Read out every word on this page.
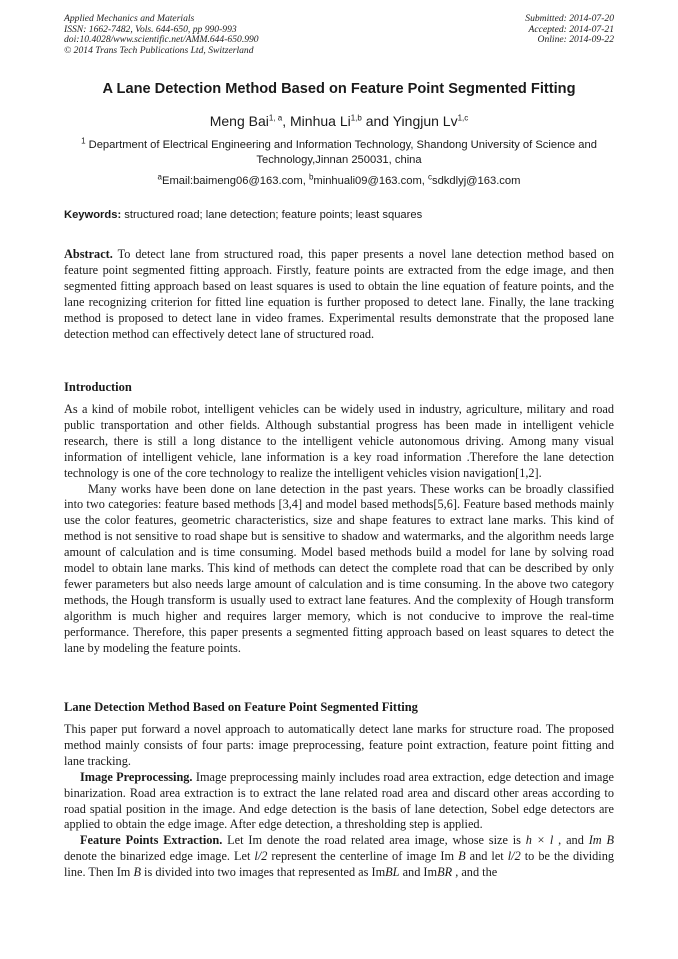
Applied Mechanics and Materials
ISSN: 1662-7482, Vols. 644-650, pp 990-993
doi:10.4028/www.scientific.net/AMM.644-650.990
© 2014 Trans Tech Publications Ltd, Switzerland
Submitted: 2014-07-20
Accepted: 2014-07-21
Online: 2014-09-22
A Lane Detection Method Based on Feature Point Segmented Fitting
Meng Bai$^{1, a}$, Minhua Li$^{1,b}$ and Yingjun Lv$^{1,c}$
$^1$ Department of Electrical Engineering and Information Technology, Shandong University of Science and Technology,Jinnan 250031, china
$^a$Email:baimeng06@163.com, $^b$minhuali09@163.com, $^c$sdkdlyj@163.com
Keywords: structured road; lane detection; feature points; least squares
Abstract. To detect lane from structured road, this paper presents a novel lane detection method based on feature point segmented fitting approach. Firstly, feature points are extracted from the edge image, and then segmented fitting approach based on least squares is used to obtain the line equation of feature points, and the lane recognizing criterion for fitted line equation is further proposed to detect lane. Finally, the lane tracking method is proposed to detect lane in video frames. Experimental results demonstrate that the proposed lane detection method can effectively detect lane of structured road.
Introduction
As a kind of mobile robot, intelligent vehicles can be widely used in industry, agriculture, military and road public transportation and other fields. Although substantial progress has been made in intelligent vehicle research, there is still a long distance to the intelligent vehicle autonomous driving. Among many visual information of intelligent vehicle, lane information is a key road information .Therefore the lane detection technology is one of the core technology to realize the intelligent vehicles vision navigation[1,2].
Many works have been done on lane detection in the past years. These works can be broadly classified into two categories: feature based methods [3,4] and model based methods[5,6]. Feature based methods mainly use the color features, geometric characteristics, size and shape features to extract lane marks. This kind of method is not sensitive to road shape but is sensitive to shadow and watermarks, and the algorithm needs large amount of calculation and is time consuming. Model based methods build a model for lane by solving road model to obtain lane marks. This kind of methods can detect the complete road that can be described by only fewer parameters but also needs large amount of calculation and is time consuming. In the above two category methods, the Hough transform is usually used to extract lane features. And the complexity of Hough transform algorithm is much higher and requires larger memory, which is not conducive to improve the real-time performance. Therefore, this paper presents a segmented fitting approach based on least squares to detect the lane by modeling the feature points.
Lane Detection Method Based on Feature Point Segmented Fitting
This paper put forward a novel approach to automatically detect lane marks for structure road. The proposed method mainly consists of four parts: image preprocessing, feature point extraction, feature point fitting and lane tracking.
Image Preprocessing. Image preprocessing mainly includes road area extraction, edge detection and image binarization. Road area extraction is to extract the lane related road area and discard other areas according to road spatial position in the image. And edge detection is the basis of lane detection, Sobel edge detectors are applied to obtain the edge image. After edge detection, a thresholding step is applied.
Feature Points Extraction. Let Im denote the road related area image, whose size is h × l , and Im B denote the binarized edge image. Let l/2 represent the centerline of image Im B and let l/2 to be the dividing line. Then Im B is divided into two images that represented as ImBL and ImBR , and the
